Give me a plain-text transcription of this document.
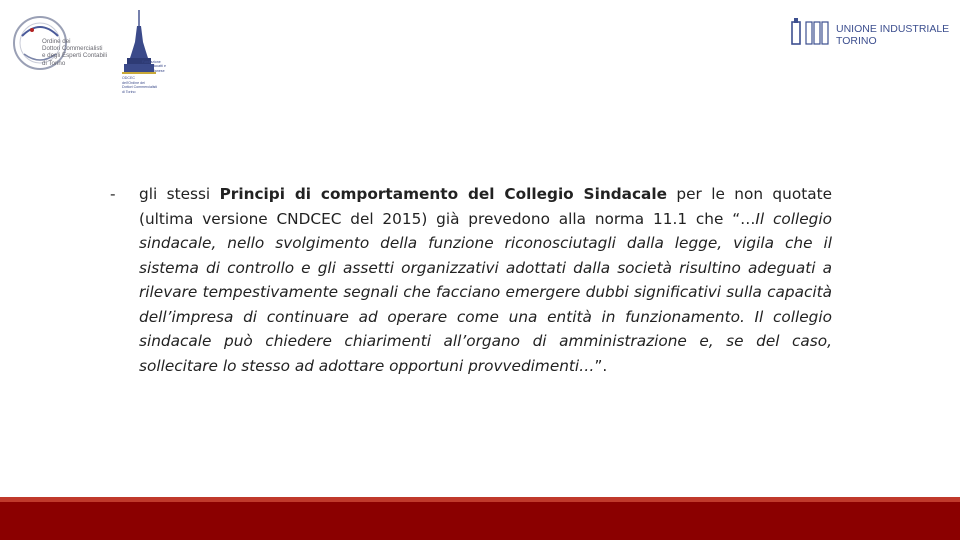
Ordine dei
Dottori Commercialisti
e degli Esperti Contabili
di Torino	Fondazione
Piero Piccatti e
Aldo Milanese
ODCEC
dell'Ordine dei
Dottori Commercialisti
di Torino
UNIONE INDUSTRIALE
TORINO
- gli stessi Principi di comportamento del Collegio Sindacale per le non quotate (ultima versione CNDCEC del 2015) già prevedono alla norma 11.1 che “…Il collegio sindacale, nello svolgimento della funzione riconosciutagli dalla legge, vigila che il sistema di controllo e gli assetti organizzativi adottati dalla società risultino adeguati a rilevare tempestivamente segnali che facciano emergere dubbi significativi sulla capacità dell’impresa di continuare ad operare come una entità in funzionamento. Il collegio sindacale può chiedere chiarimenti all’organo di amministrazione e, se del caso, sollecitare lo stesso ad adottare opportuni provvedimenti…”.
